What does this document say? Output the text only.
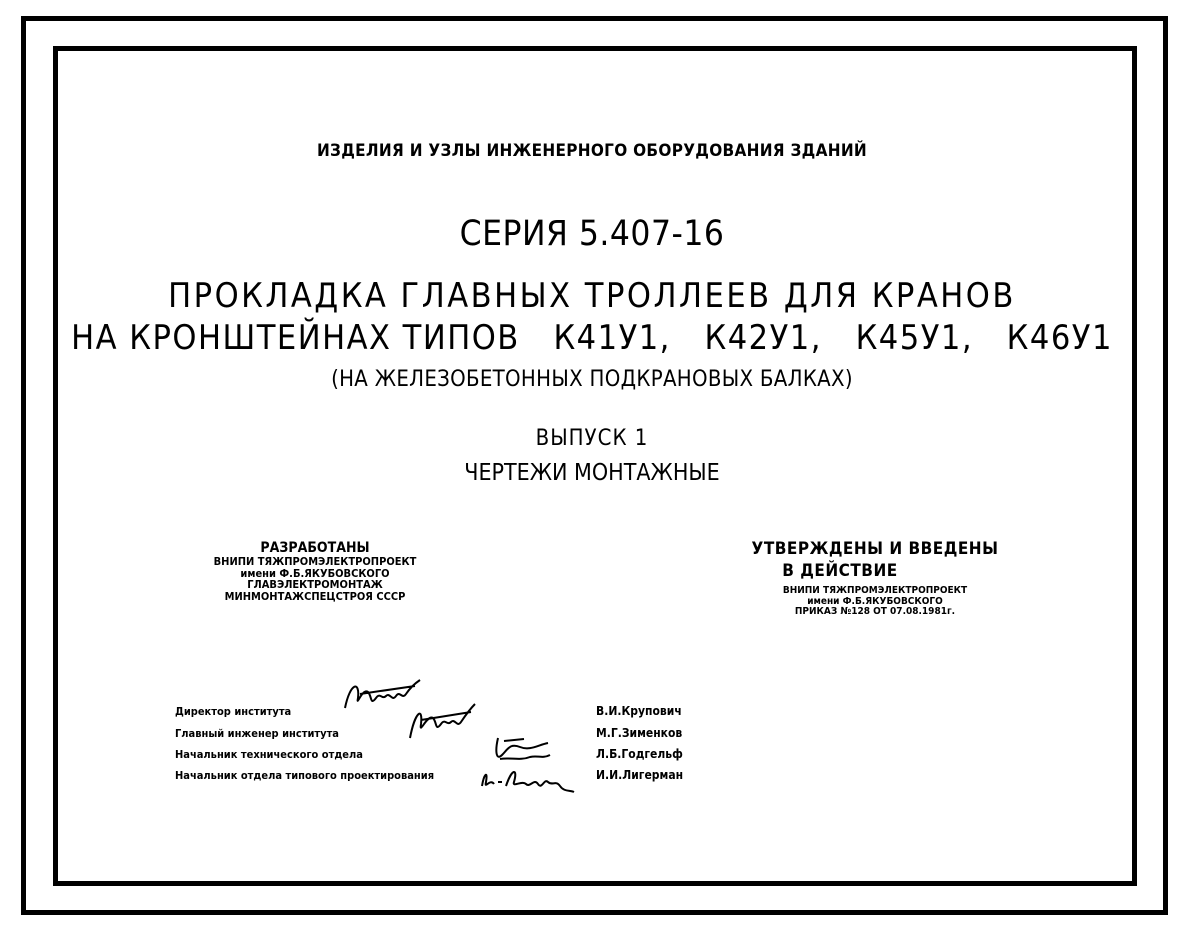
ИЗДЕЛИЯ И УЗЛЫ ИНЖЕНЕРНОГО ОБОРУДОВАНИЯ ЗДАНИЙ
СЕРИЯ 5.407-16
ПРОКЛАДКА ГЛАВНЫХ ТРОЛЛЕЕВ ДЛЯ КРАНОВ
НА КРОНШТЕЙНАХ ТИПОВ К41У1,   К42У1,   К45У1,   К46У1
(НА ЖЕЛЕЗОБЕТОННЫХ ПОДКРАНОВЫХ БАЛКАХ)
ВЫПУСК 1
ЧЕРТЕЖИ МОНТАЖНЫЕ
РАЗРАБОТАНЫ
ВНИПИ ТЯЖПРОМЭЛЕКТРОПРОЕКТ
имени Ф.Б.ЯКУБОВСКОГО
ГЛАВЭЛЕКТРОМОНТАЖ
МИНМОНТАЖСПЕЦСТРОЯ СССР
УТВЕРЖДЕНЫ И ВВЕДЕНЫ
В ДЕЙСТВИЕ
ВНИПИ ТЯЖПРОМЭЛЕКТРОПРОЕКТ
имени Ф.Б.ЯКУБОВСКОГО
ПРИКАЗ №128 ОТ 07.08.1981г.
Директор института
Главный инженер института
Начальник технического отдела
Начальник отдела типового проектирования
В.И.Крупович
М.Г.Зименков
Л.Б.Годгельф
И.И.Лигерман
